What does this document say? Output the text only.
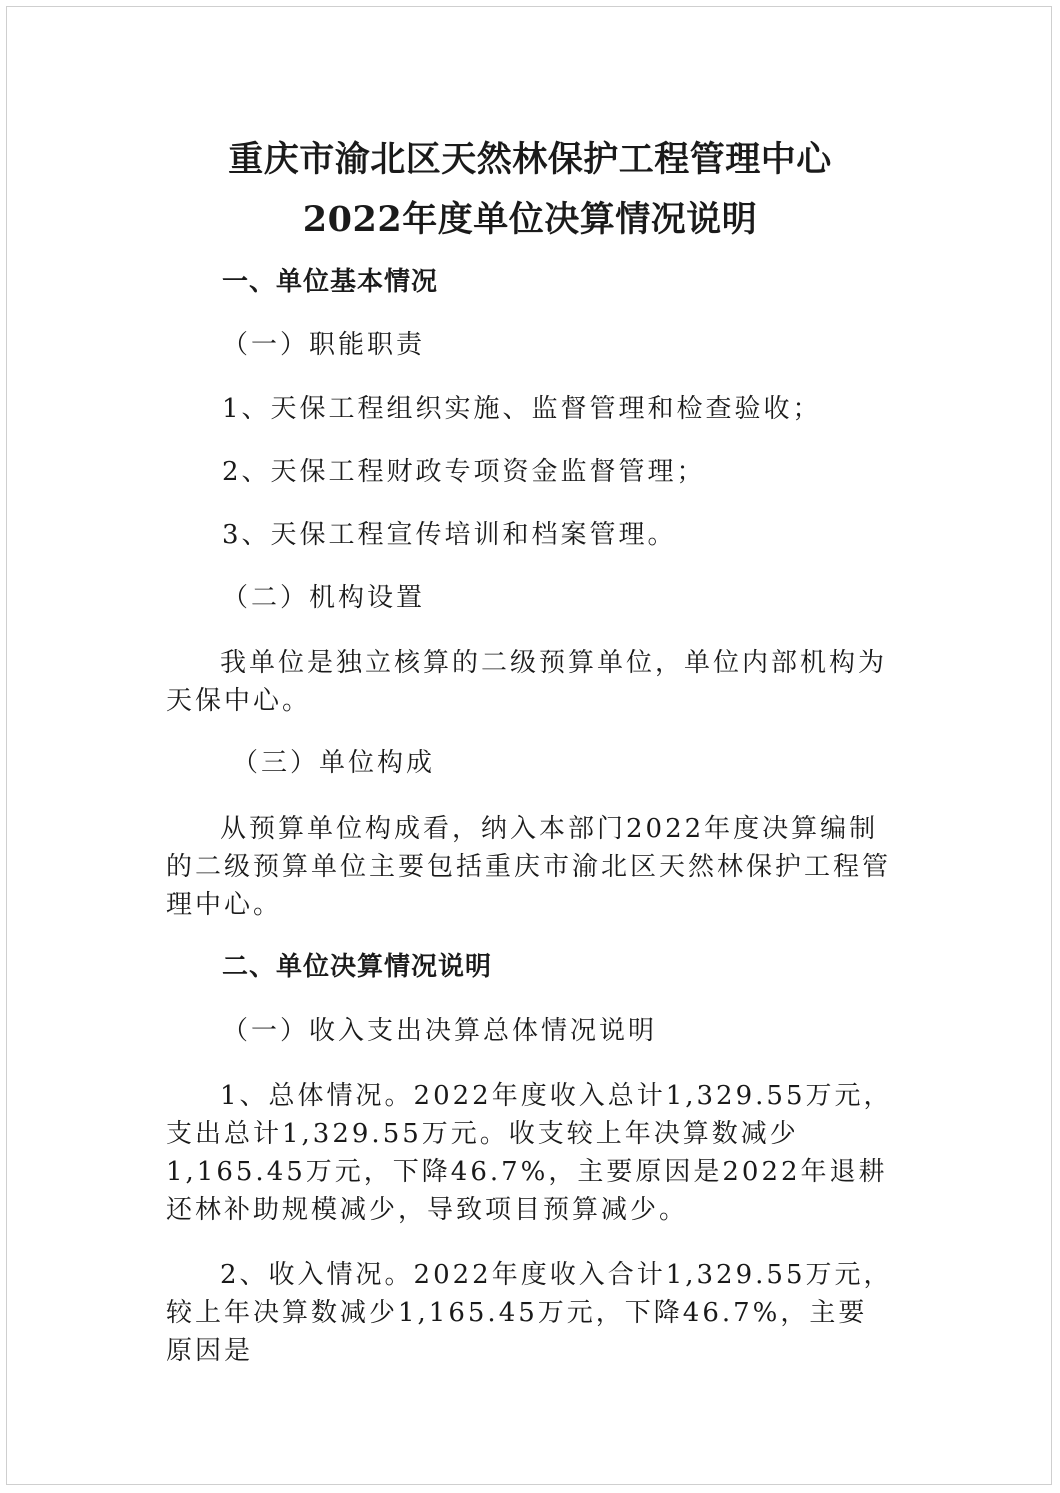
重庆市渝北区天然林保护工程管理中心
2022年度单位决算情况说明
一、单位基本情况
（一）职能职责
1、天保工程组织实施、监督管理和检查验收；
2、天保工程财政专项资金监督管理；
3、天保工程宣传培训和档案管理。
（二）机构设置
我单位是独立核算的二级预算单位，单位内部机构为天保中心。
（三）单位构成
从预算单位构成看，纳入本部门2022年度决算编制的二级预算单位主要包括重庆市渝北区天然林保护工程管理中心。
二、单位决算情况说明
（一）收入支出决算总体情况说明
1、总体情况。2022年度收入总计1,329.55万元，支出总计1,329.55万元。收支较上年决算数减少1,165.45万元，下降46.7%，主要原因是2022年退耕还林补助规模减少，导致项目预算减少。
2、收入情况。2022年度收入合计1,329.55万元，较上年决算数减少1,165.45万元，下降46.7%，主要原因是
